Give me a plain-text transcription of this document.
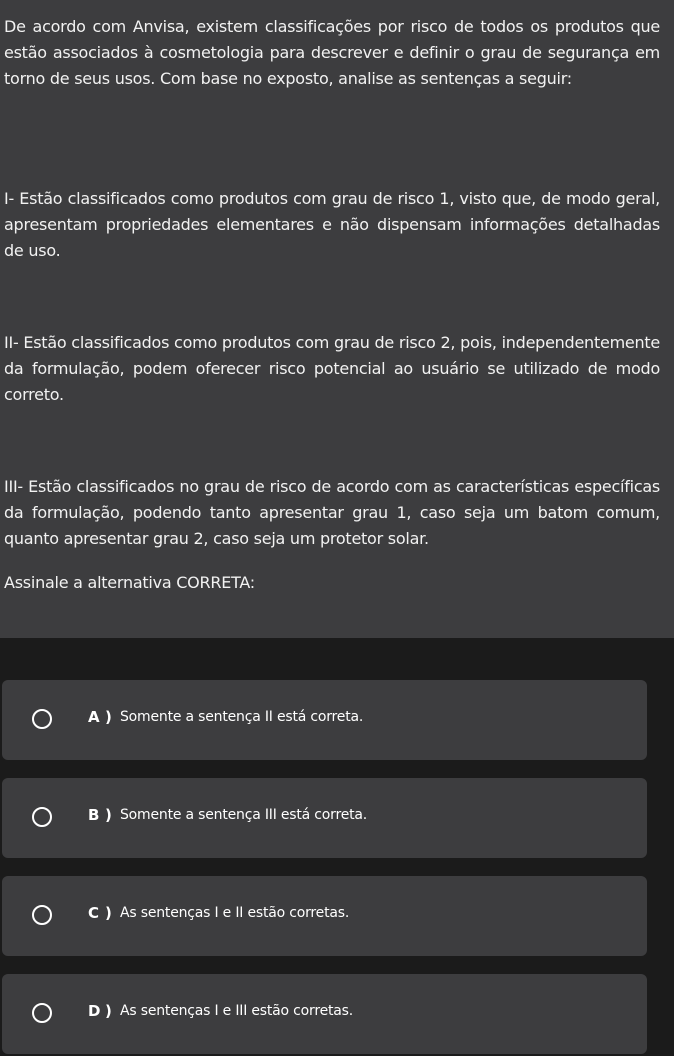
De acordo com Anvisa, existem classificações por risco de todos os produtos que estão associados à cosmetologia para descrever e definir o grau de segurança em torno de seus usos. Com base no exposto, analise as sentenças a seguir:

I- Estão classificados como produtos com grau de risco 1, visto que, de modo geral, apresentam propriedades elementares e não dispensam informações detalhadas de uso.

II- Estão classificados como produtos com grau de risco 2, pois, independentemente da formulação, podem oferecer risco potencial ao usuário se utilizado de modo correto.

III- Estão classificados no grau de risco de acordo com as características específicas da formulação, podendo tanto apresentar grau 1, caso seja um batom comum, quanto apresentar grau 2, caso seja um protetor solar.

Assinale a alternativa CORRETA:

A ) Somente a sentença II está correta.
B ) Somente a sentença III está correta.
C ) As sentenças I e II estão corretas.
D ) As sentenças I e III estão corretas.
